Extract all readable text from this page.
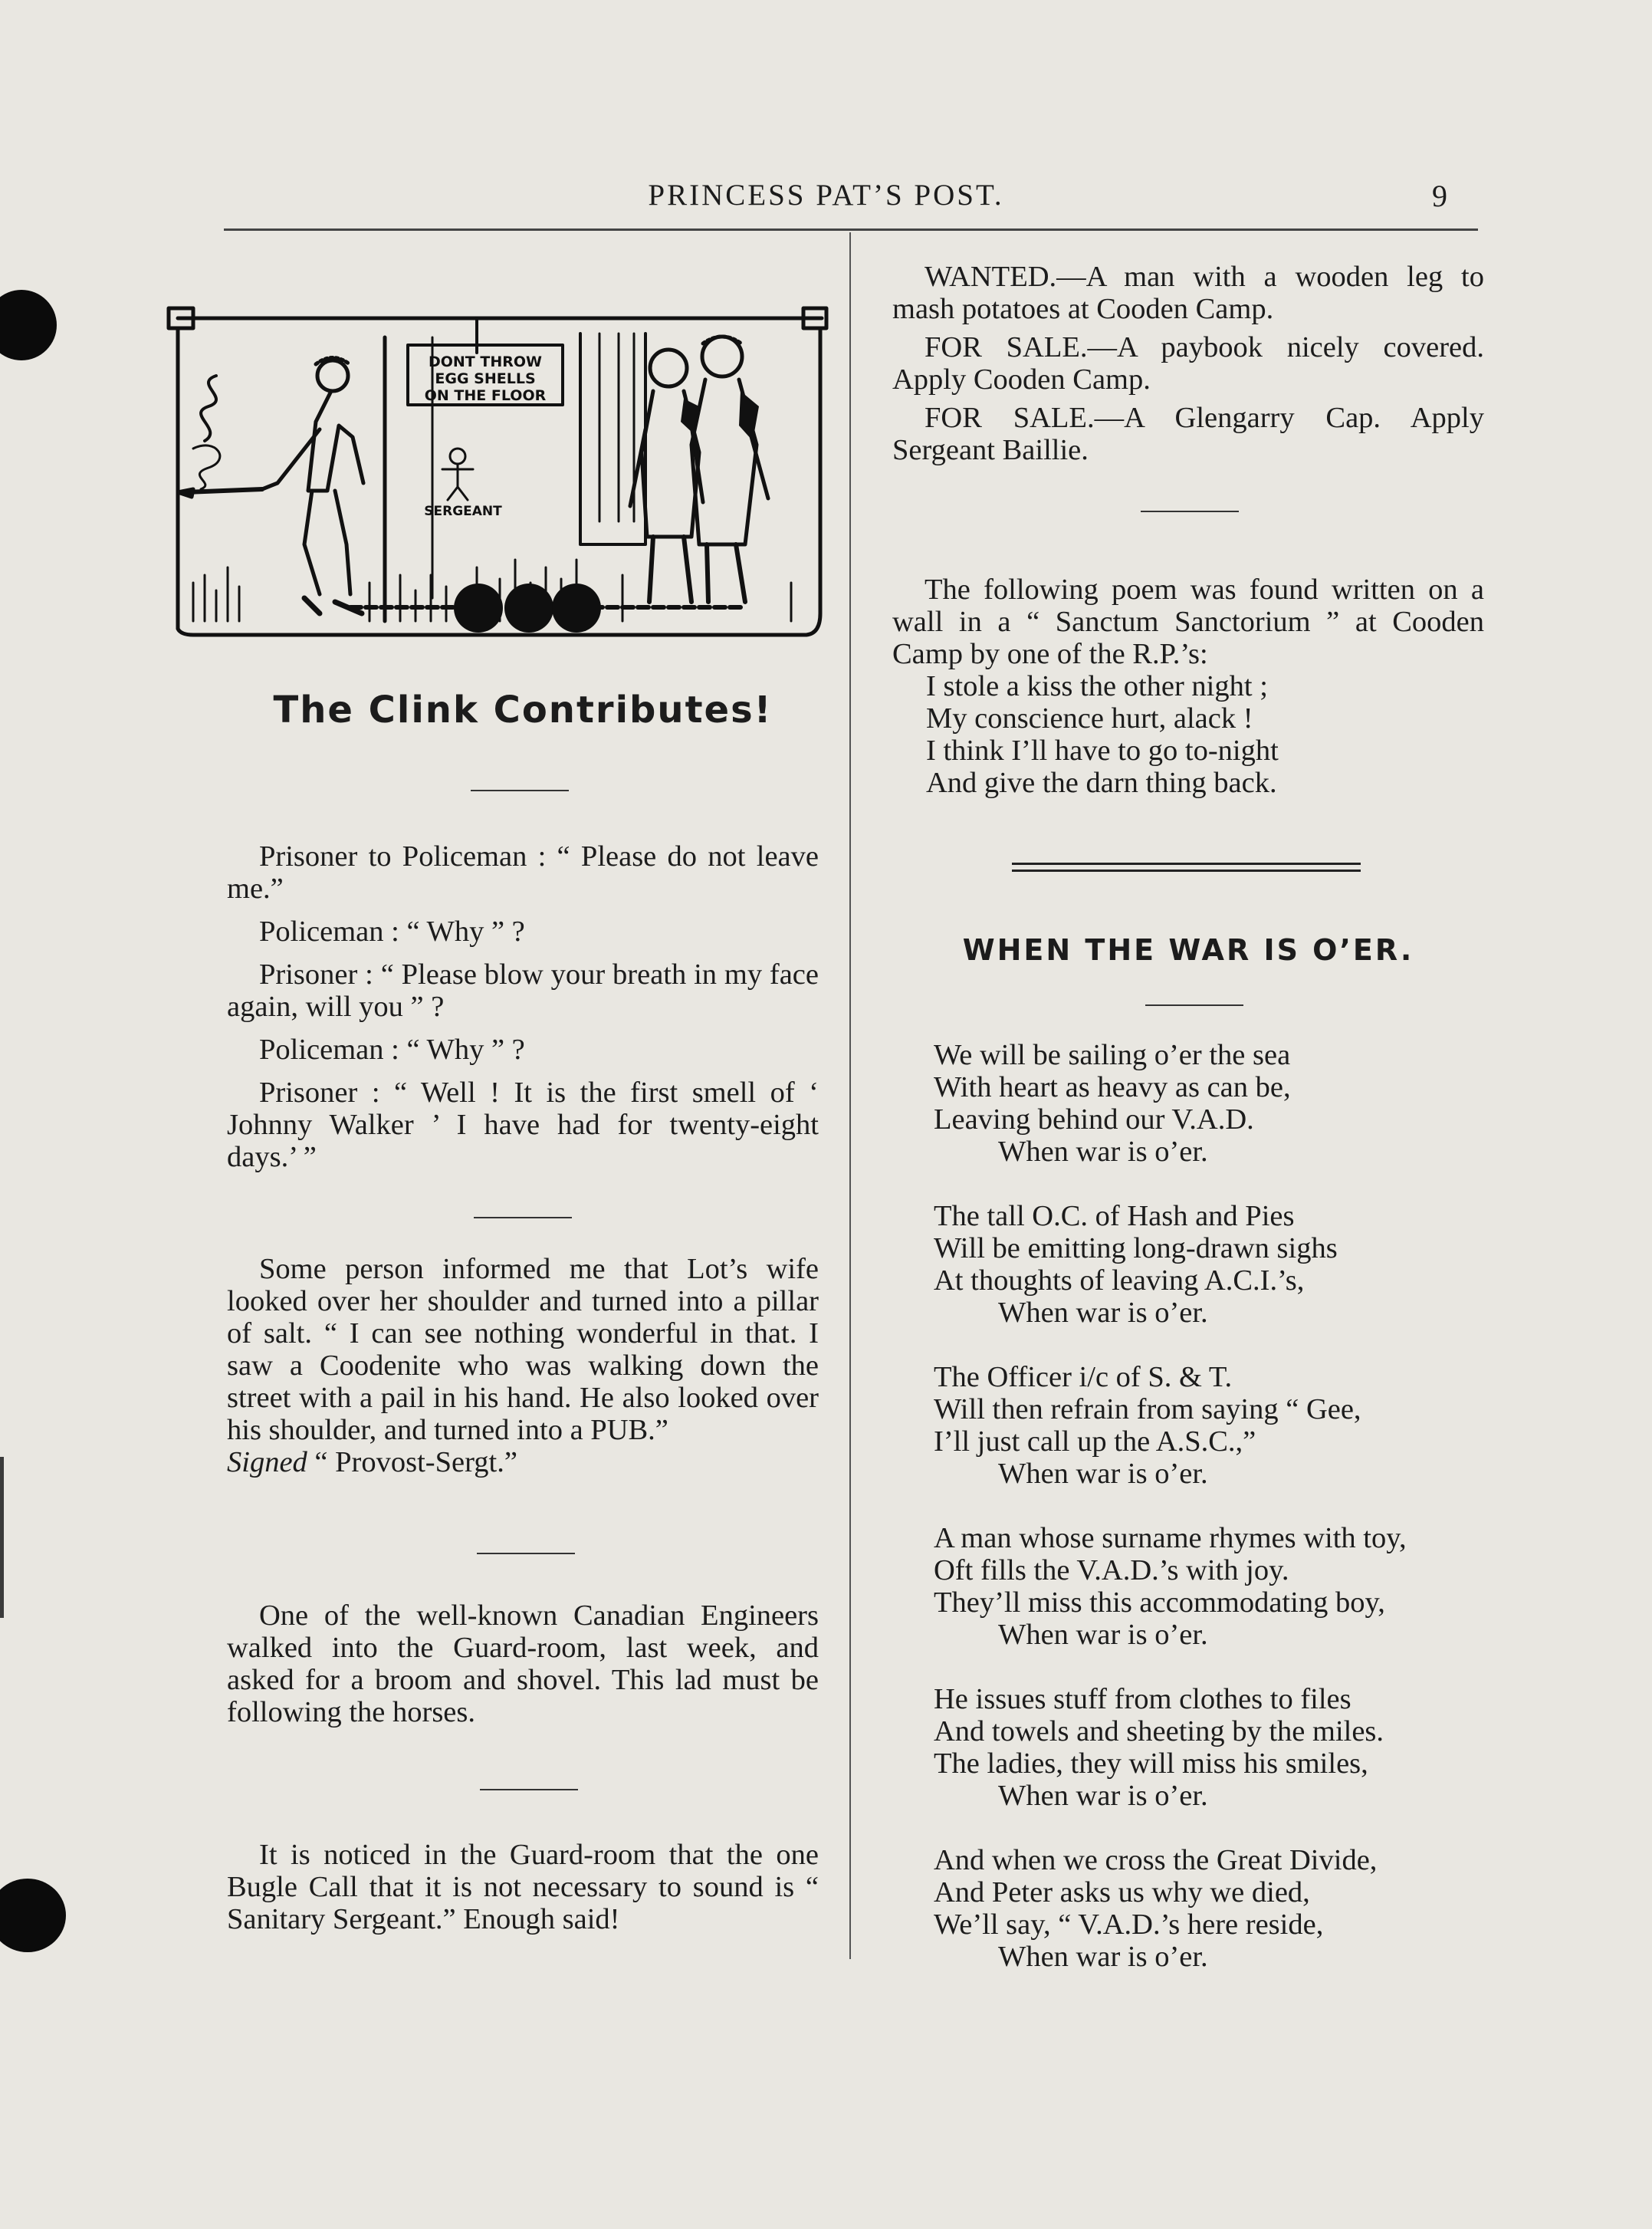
PRINCESS PAT’S POST.	9
DONT THROW
EGG SHELLS
ON THE FLOOR
SERGEANT
The Clink Contributes!

Prisoner to Policeman : “ Please do not leave me.”

Policeman : “ Why ” ?

Prisoner : “ Please blow your breath in my face again, will you ” ?

Policeman : “ Why ” ?

Prisoner : “ Well ! It is the first smell of ‘ Johnny Walker ’ I have had for twenty-eight days.’ ”

Some person informed me that Lot’s wife looked over her shoulder and turned into a pillar of salt. “ I can see nothing wonderful in that. I saw a Coodenite who was walking down the street with a pail in his hand. He also looked over his shoulder, and turned into a PUB.”

Signed “ Provost-Sergt.”

One of the well-known Canadian Engineers walked into the Guard-room, last week, and asked for a broom and shovel. This lad must be following the horses.

It is noticed in the Guard-room that the one Bugle Call that it is not necessary to sound is “ Sanitary Sergeant.” Enough said!

WANTED.—A man with a wooden leg to mash potatoes at Cooden Camp.

FOR SALE.—A paybook nicely covered. Apply Cooden Camp.

FOR SALE.—A Glengarry Cap. Apply Sergeant Baillie.

The following poem was found written on a wall in a “ Sanctum Sanctorium ” at Cooden Camp by one of the R.P.’s:

I stole a kiss the other night ;
My conscience hurt, alack !
I think I’ll have to go to-night
And give the darn thing back.
WHEN THE WAR IS O’ER.
We will be sailing o’er the sea
With heart as heavy as can be,
Leaving behind our V.A.D.
When war is o’er.
The tall O.C. of Hash and Pies
Will be emitting long-drawn sighs
At thoughts of leaving A.C.I.’s,
When war is o’er.
The Officer i/c of S. & T.
Will then refrain from saying “ Gee,
I’ll just call up the A.S.C.,”
When war is o’er.
A man whose surname rhymes with toy,
Oft fills the V.A.D.’s with joy.
They’ll miss this accommodating boy,
When war is o’er.
He issues stuff from clothes to files
And towels and sheeting by the miles.
The ladies, they will miss his smiles,
When war is o’er.
And when we cross the Great Divide,
And Peter asks us why we died,
We’ll say, “ V.A.D.’s here reside,
When war is o’er.
